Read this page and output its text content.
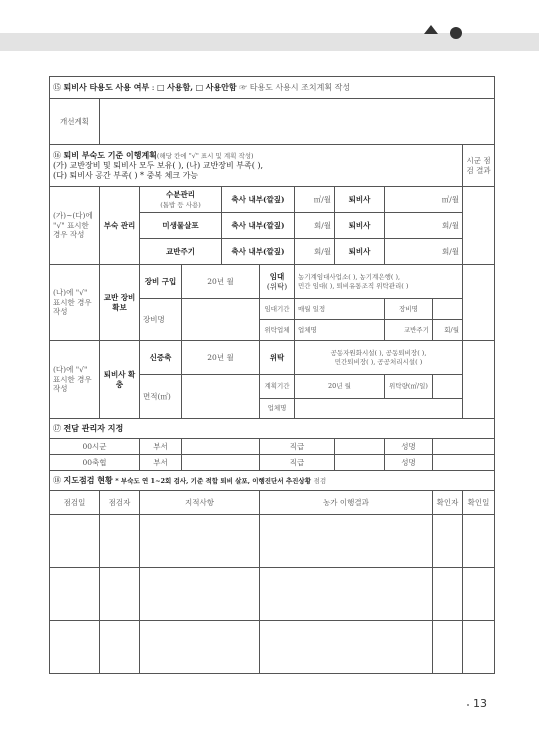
⑮ 퇴비사 타용도 사용 여부 : □ 사용함, □ 사용안함 ☞ 타용도 사용시 조치계획 작성										
개선계획										
⑯ 퇴비 부숙도 기준 이행계획(해당 칸에 "√" 표시 및 계획 작성)
(가) 교반장비 및 퇴비사 모두 보유( ), (나) 교반장비 부족( ),
(다) 퇴비사 공간 부족( ) * 중복 체크 가능										시군 점검 결과
(가)~(다)에 "√" 표시한 경우 작성	부숙 관리	수분관리
(톱밥 등 사용)		축사 내부(깔짚)		㎥/월	퇴비사	㎥/월		
		미생물살포		축사 내부(깔짚)		회/월	퇴비사	회/월		
		교반주기		축사 내부(깔짚)		회/월	퇴비사	회/월		
(나)에 "√" 표시한 경우 작성	교반 장비 확보	장비 구입	20년 월		임대
(위탁)	농기계임대사업소( ), 농기계은행( ),
민간 임대( ), 퇴비유통조직 위탁관리( )				
		장비명			임대기간	매월 일정		장비명		
					위탁업체	업체명		교반주기	회/월	
(다)에 "√" 표시한 경우 작성	퇴비사 확충	신증축	20년 월		위탁	공동자원화시설( ), 공동퇴비장( ),
민간퇴비장( ), 공공처리시설( )				
		면적(㎡)			계획기간	20년 월		위탁량(㎥/일)		
					업체명					
⑰ 전담 관리자 지정										
00시군		부서			직급			성명		
00축협		부서			직급			성명		
⑱ 지도점검 현황 * 부숙도 연 1~2회 검사, 기준 적합 퇴비 살포, 이행진단서 추진상황 점검										
점검일	점검자	지적사항			농가 이행결과				확인자	확인일

13
